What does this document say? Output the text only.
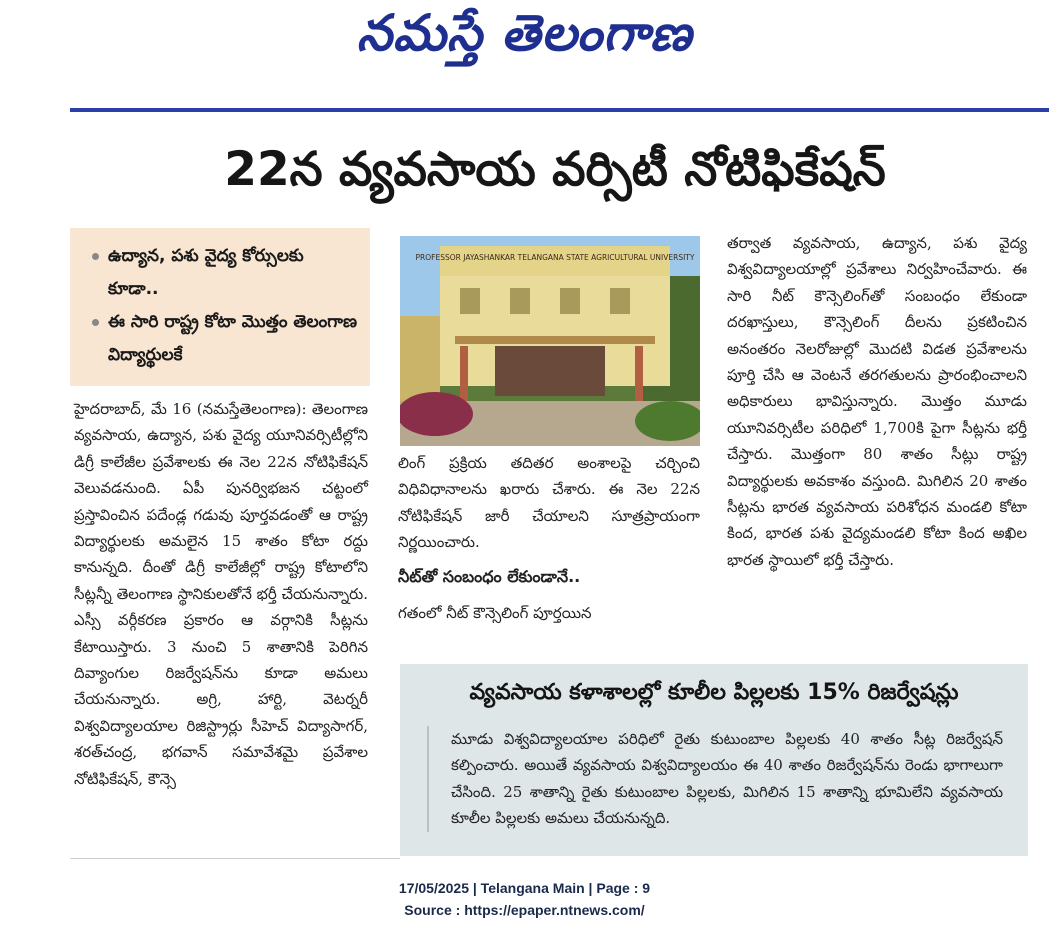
నమస్తే తెలంగాణ
22న వ్యవసాయ వర్సిటీ నోటిఫికేషన్
ఉద్యాన, పశు వైద్య కోర్సులకు కూడా..
ఈ సారి రాష్ట్ర కోటా మొత్తం తెలంగాణ విద్యార్థులకే

హైదరాబాద్, మే 16 (నమస్తేతెలంగాణ): తెలంగాణ వ్యవసాయ, ఉద్యాన, పశు వైద్య యూనివర్సిటీల్లోని డిగ్రీ కాలేజీల ప్రవేశాలకు ఈ నెల 22న నోటిఫికేషన్ వెలువడనుంది. ఏపీ పునర్విభజన చట్టంలో ప్రస్తావించిన పదేండ్ల గడువు పూర్తవడంతో ఆ రాష్ట్ర విద్యార్థులకు అమలైన 15 శాతం కోటా రద్దు కానున్నది. దీంతో డిగ్రీ కాలేజీల్లో రాష్ట్ర కోటాలోని సీట్లన్నీ తెలంగాణ స్థానికులతోనే భర్తీ చేయనున్నారు. ఎస్సీ వర్గీకరణ ప్రకారం ఆ వర్గానికి సీట్లను కేటాయిస్తారు. 3 నుంచి 5 శాతానికి పెరిగిన దివ్యాంగుల రిజర్వేషన్‌ను కూడా అమలు చేయనున్నారు. అగ్రి, హార్టి, వెటర్నరీ విశ్వవిద్యాలయాల రిజిస్ట్రార్లు సీహెచ్ విద్యాసాగర్, శరత్‌చంద్ర, భగవాన్ సమావేశమై ప్రవేశాల నోటిఫికేషన్, కౌన్సె

PROFESSOR JAYASHANKAR TELANGANA STATE AGRICULTURAL UNIVERSITY

లింగ్ ప్రక్రియ తదితర అంశాలపై చర్చించి విధివిధానాలను ఖరారు చేశారు. ఈ నెల 22న నోటిఫికేషన్ జారీ చేయాలని సూత్రప్రాయంగా నిర్ణయించారు.

నీట్‌తో సంబంధం లేకుండానే..

గతంలో నీట్ కౌన్సెలింగ్ పూర్తయిన

తర్వాత వ్యవసాయ, ఉద్యాన, పశు వైద్య విశ్వవిద్యాలయాల్లో ప్రవేశాలు నిర్వహించేవారు. ఈ సారి నీట్ కౌన్సెలింగ్‌తో సంబంధం లేకుండా దరఖాస్తులు, కౌన్సెలింగ్ దీలను ప్రకటించిన అనంతరం నెలరోజుల్లో మొదటి విడత ప్రవేశాలను పూర్తి చేసి ఆ వెంటనే తరగతులను ప్రారంభించాలని అధికారులు భావిస్తున్నారు. మొత్తం మూడు యూనివర్సిటీల పరిధిలో 1,700కి పైగా సీట్లను భర్తీ చేస్తారు. మొత్తంగా 80 శాతం సీట్లు రాష్ట్ర విద్యార్థులకు అవకాశం వస్తుంది. మిగిలిన 20 శాతం సీట్లను భారత వ్యవసాయ పరిశోధన మండలి కోటా కింద, భారత పశు వైద్యమండలి కోటా కింద అఖిల భారత స్థాయిలో భర్తీ చేస్తారు.

వ్యవసాయ కళాశాలల్లో కూలీల పిల్లలకు 15% రిజర్వేషన్లు
మూడు విశ్వవిద్యాలయాల పరిధిలో రైతు కుటుంబాల పిల్లలకు 40 శాతం సీట్ల రిజర్వేషన్ కల్పించారు. అయితే వ్యవసాయ విశ్వవిద్యాలయం ఈ 40 శాతం రిజర్వేషన్‌ను రెండు భాగాలుగా చేసింది. 25 శాతాన్ని రైతు కుటుంబాల పిల్లలకు, మిగిలిన 15 శాతాన్ని భూమిలేని వ్యవసాయ కూలీల పిల్లలకు అమలు చేయనున్నది.
17/05/2025 | Telangana Main | Page : 9
Source : https://epaper.ntnews.com/
